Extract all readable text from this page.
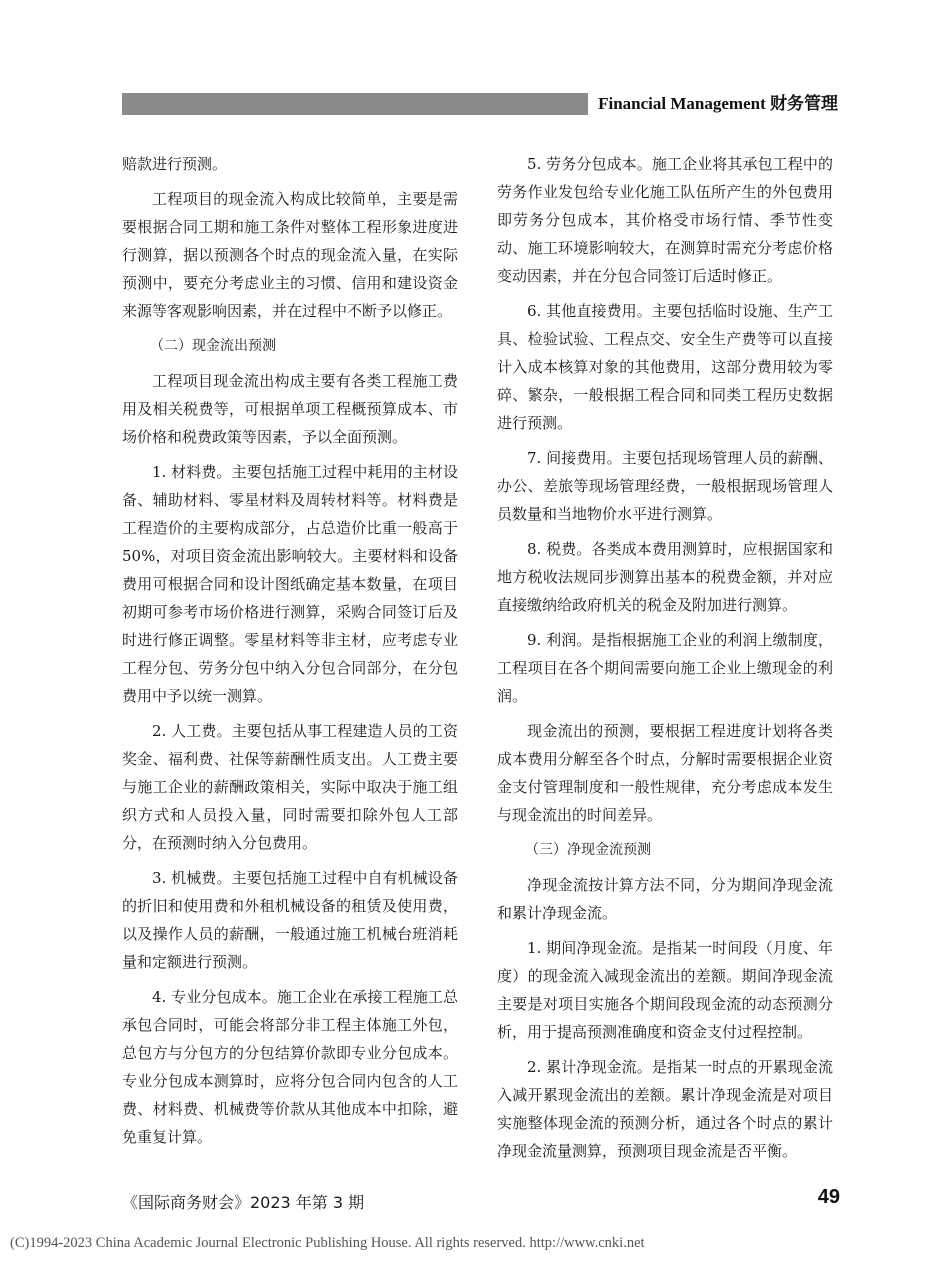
Financial Management 财务管理

赔款进行预测。

工程项目的现金流入构成比较简单，主要是需要根据合同工期和施工条件对整体工程形象进度进行测算，据以预测各个时点的现金流入量，在实际预测中，要充分考虑业主的习惯、信用和建设资金来源等客观影响因素，并在过程中不断予以修正。

（二）现金流出预测

工程项目现金流出构成主要有各类工程施工费用及相关税费等，可根据单项工程概预算成本、市场价格和税费政策等因素，予以全面预测。

1. 材料费。主要包括施工过程中耗用的主材设备、辅助材料、零星材料及周转材料等。材料费是工程造价的主要构成部分，占总造价比重一般高于 50%，对项目资金流出影响较大。主要材料和设备费用可根据合同和设计图纸确定基本数量，在项目初期可参考市场价格进行测算，采购合同签订后及时进行修正调整。零星材料等非主材，应考虑专业工程分包、劳务分包中纳入分包合同部分，在分包费用中予以统一测算。

2. 人工费。主要包括从事工程建造人员的工资奖金、福利费、社保等薪酬性质支出。人工费主要与施工企业的薪酬政策相关，实际中取决于施工组织方式和人员投入量，同时需要扣除外包人工部分，在预测时纳入分包费用。

3. 机械费。主要包括施工过程中自有机械设备的折旧和使用费和外租机械设备的租赁及使用费，以及操作人员的薪酬，一般通过施工机械台班消耗量和定额进行预测。

4. 专业分包成本。施工企业在承接工程施工总承包合同时，可能会将部分非工程主体施工外包，总包方与分包方的分包结算价款即专业分包成本。专业分包成本测算时，应将分包合同内包含的人工费、材料费、机械费等价款从其他成本中扣除，避免重复计算。

5. 劳务分包成本。施工企业将其承包工程中的劳务作业发包给专业化施工队伍所产生的外包费用即劳务分包成本，其价格受市场行情、季节性变动、施工环境影响较大，在测算时需充分考虑价格变动因素，并在分包合同签订后适时修正。

6. 其他直接费用。主要包括临时设施、生产工具、检验试验、工程点交、安全生产费等可以直接计入成本核算对象的其他费用，这部分费用较为零碎、繁杂，一般根据工程合同和同类工程历史数据进行预测。

7. 间接费用。主要包括现场管理人员的薪酬、办公、差旅等现场管理经费，一般根据现场管理人员数量和当地物价水平进行测算。

8. 税费。各类成本费用测算时，应根据国家和地方税收法规同步测算出基本的税费金额，并对应直接缴纳给政府机关的税金及附加进行测算。

9. 利润。是指根据施工企业的利润上缴制度，工程项目在各个期间需要向施工企业上缴现金的利润。

现金流出的预测，要根据工程进度计划将各类成本费用分解至各个时点，分解时需要根据企业资金支付管理制度和一般性规律，充分考虑成本发生与现金流出的时间差异。

（三）净现金流预测

净现金流按计算方法不同，分为期间净现金流和累计净现金流。

1. 期间净现金流。是指某一时间段（月度、年度）的现金流入减现金流出的差额。期间净现金流主要是对项目实施各个期间段现金流的动态预测分析，用于提高预测准确度和资金支付过程控制。

2. 累计净现金流。是指某一时点的开累现金流入减开累现金流出的差额。累计净现金流是对项目实施整体现金流的预测分析，通过各个时点的累计净现金流量测算，预测项目现金流是否平衡。

《国际商务财会》2023 年第 3 期	49
(C)1994-2023 China Academic Journal Electronic Publishing House. All rights reserved. http://www.cnki.net
